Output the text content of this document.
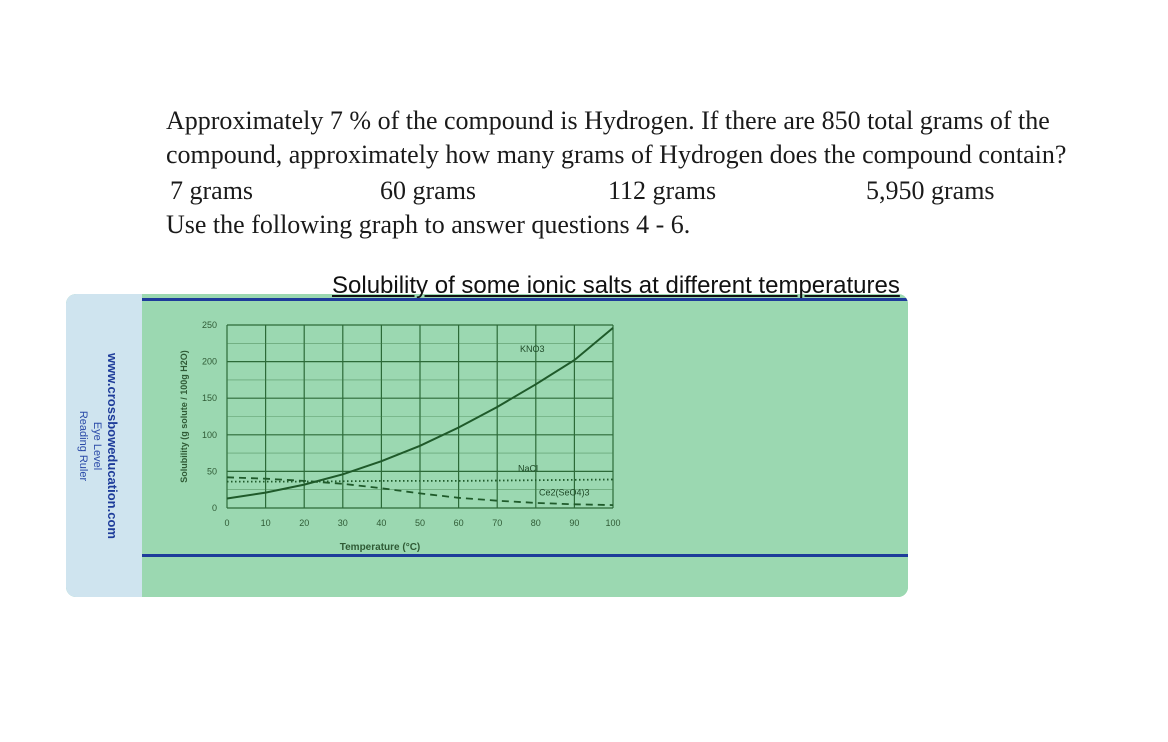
Approximately 7 % of the compound is Hydrogen. If there are 850 total grams of the
compound, approximately how many grams of Hydrogen does the compound contain?
7 grams	60 grams	112 grams	5,950 grams
Use the following graph to answer questions 4 - 6.
www.crossboweducation.com
Eye Level
Reading Ruler
Solubility of some ionic salts at different temperatures
0	10	20	30	40	50	60	70	80	90	100
0
50
100
150
200
250
Temperature (°C)
Solubility (g solute / 100g H2O)
KNO3
NaCl
Ce2(SeO4)3
